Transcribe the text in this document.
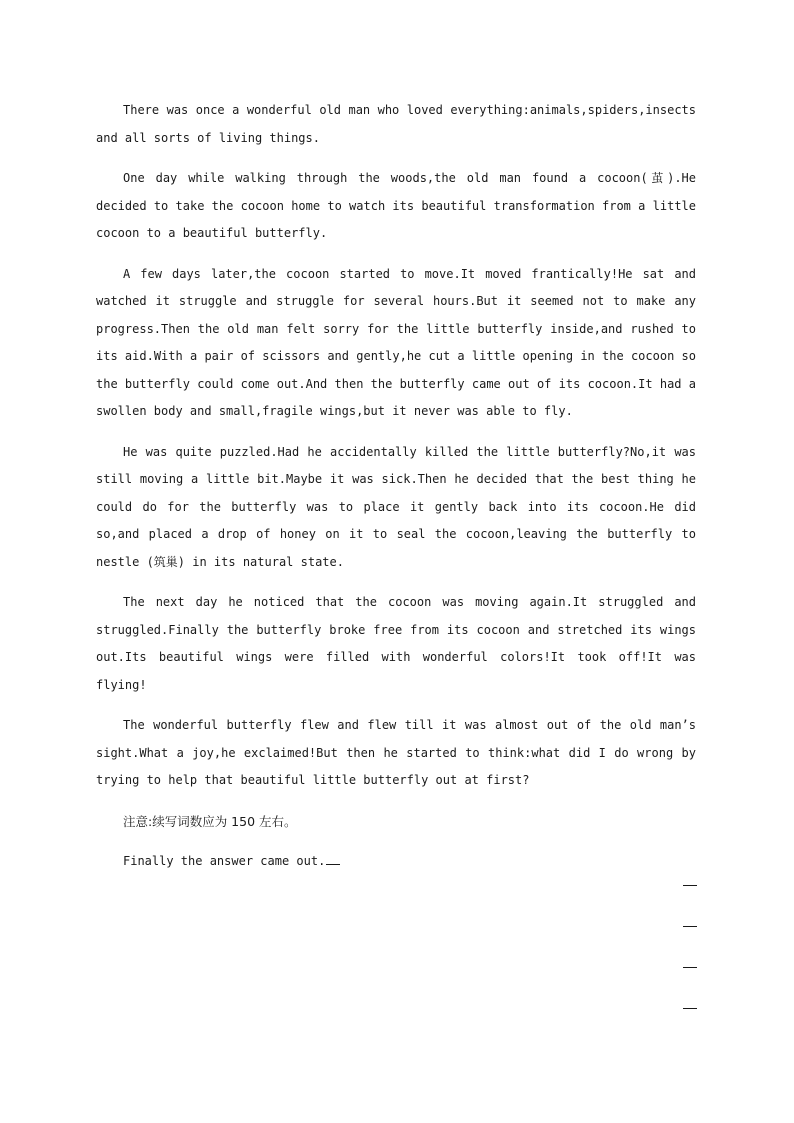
There was once a wonderful old man who loved everything:animals,spiders,insects and all sorts of living things.

One day while walking through the woods,the old man found a cocoon(茧).He decided to take the cocoon home to watch its beautiful transformation from a little cocoon to a beautiful butterfly.

A few days later,the cocoon started to move.It moved frantically!He sat and watched it struggle and struggle for several hours.But it seemed not to make any progress.Then the old man felt sorry for the little butterfly inside,and rushed to its aid.With a pair of scissors and gently,he cut a little opening in the cocoon so the butterfly could come out.And then the butterfly came out of its cocoon.It had a swollen body and small,fragile wings,but it never was able to fly.

He was quite puzzled.Had he accidentally killed the little butterfly?No,it was still moving a little bit.Maybe it was sick.Then he decided that the best thing he could do for the butterfly was to place it gently back into its cocoon.He did so,and placed a drop of honey on it to seal the cocoon,leaving the butterfly to nestle (筑巢) in its natural state.

The next day he noticed that the cocoon was moving again.It struggled and struggled.Finally the butterfly broke free from its cocoon and stretched its wings out.Its beautiful wings were filled with wonderful colors!It took off!It was flying!

The wonderful butterfly flew and flew till it was almost out of the old man’s sight.What a joy,he exclaimed!But then he started to think:what did I do wrong by trying to help that beautiful little butterfly out at first?

注意:续写词数应为 150 左右。

Finally the answer came out.
